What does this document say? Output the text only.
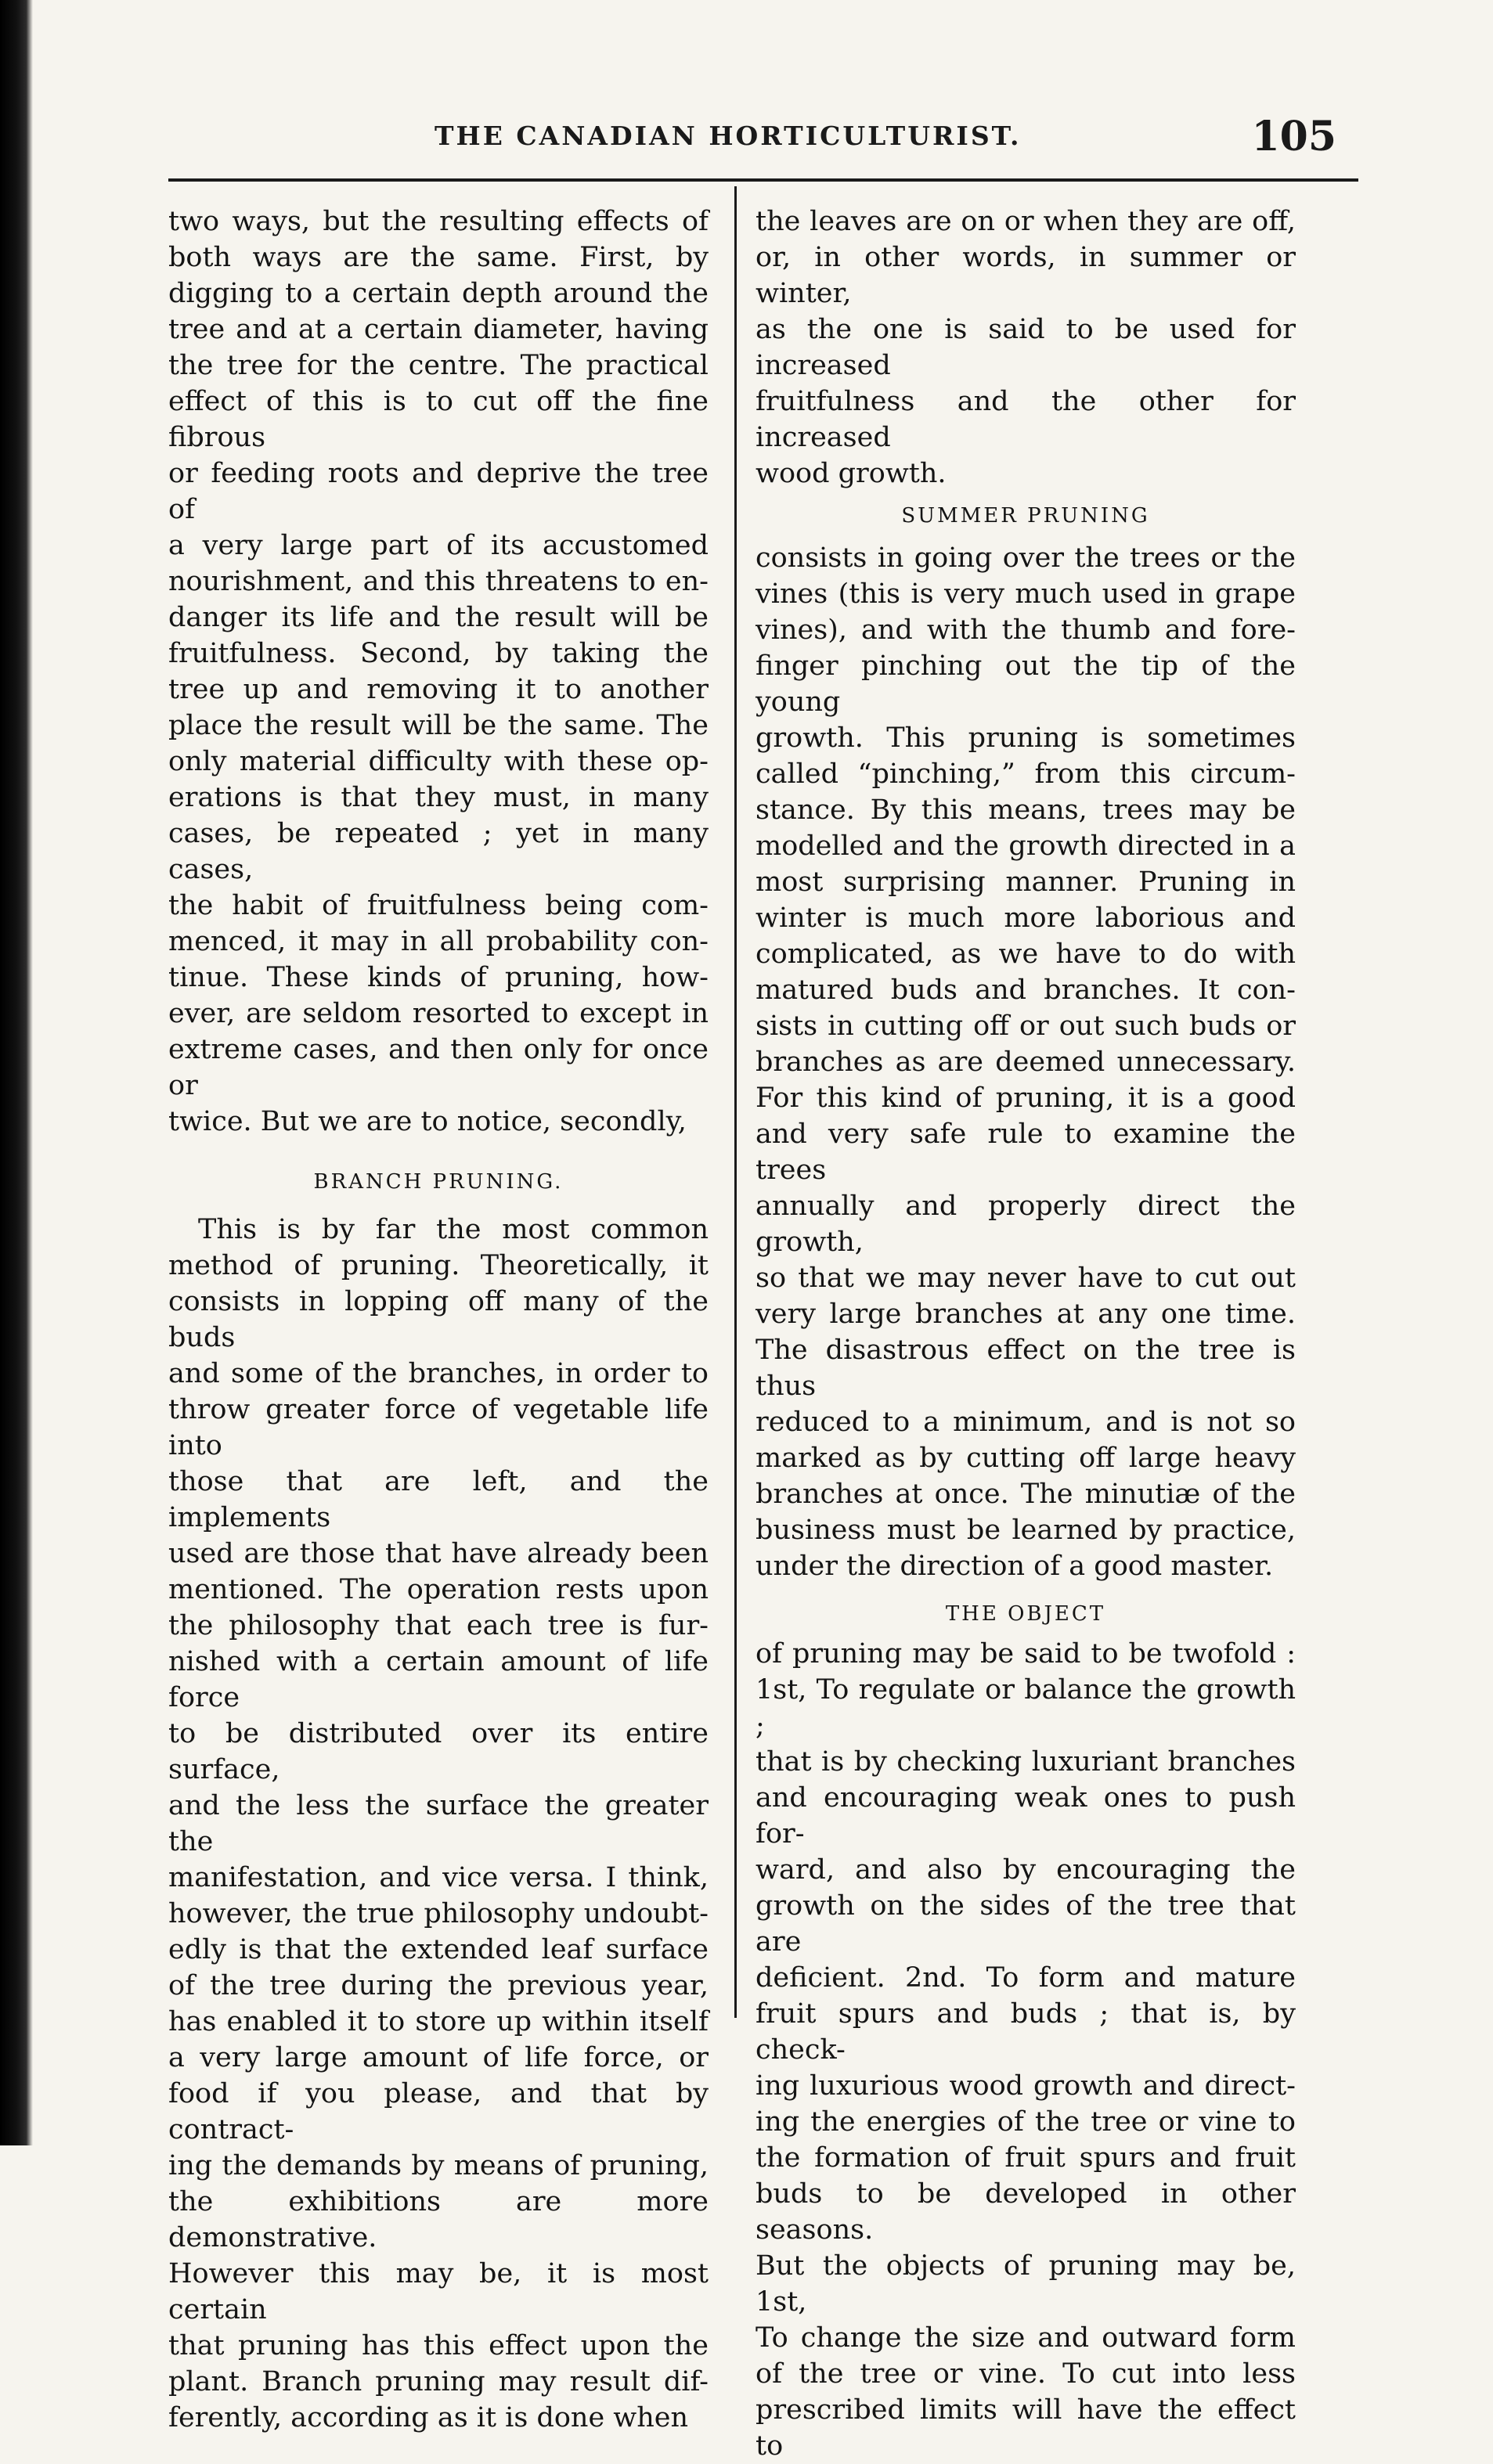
THE CANADIAN HORTICULTURIST.	105

two ways, but the resulting effects of

both ways are the same. First, by

digging to a certain depth around the

tree and at a certain diameter, having

the tree for the centre. The practical

effect of this is to cut off the fine fibrous

or feeding roots and deprive the tree of

a very large part of its accustomed

nourishment, and this threatens to en-

danger its life and the result will be

fruitfulness. Second, by taking the

tree up and removing it to another

place the result will be the same. The

only material difficulty with these op-

erations is that they must, in many

cases, be repeated ; yet in many cases,

the habit of fruitfulness being com-

menced, it may in all probability con-

tinue. These kinds of pruning, how-

ever, are seldom resorted to except in

extreme cases, and then only for once or

twice. But we are to notice, secondly,

BRANCH PRUNING.

This is by far the most common

method of pruning. Theoretically, it

consists in lopping off many of the buds

and some of the branches, in order to

throw greater force of vegetable life into

those that are left, and the implements

used are those that have already been

mentioned. The operation rests upon

the philosophy that each tree is fur-

nished with a certain amount of life force

to be distributed over its entire surface,

and the less the surface the greater the

manifestation, and vice versa. I think,

however, the true philosophy undoubt-

edly is that the extended leaf surface

of the tree during the previous year,

has enabled it to store up within itself

a very large amount of life force, or

food if you please, and that by contract-

ing the demands by means of pruning,

the exhibitions are more demonstrative.

However this may be, it is most certain

that pruning has this effect upon the

plant. Branch pruning may result dif-

ferently, according as it is done when

the leaves are on or when they are off,

or, in other words, in summer or winter,

as the one is said to be used for increased

fruitfulness and the other for increased

wood growth.

SUMMER PRUNING

consists in going over the trees or the

vines (this is very much used in grape

vines), and with the thumb and fore-

finger pinching out the tip of the young

growth. This pruning is sometimes

called “pinching,” from this circum-

stance. By this means, trees may be

modelled and the growth directed in a

most surprising manner. Pruning in

winter is much more laborious and

complicated, as we have to do with

matured buds and branches. It con-

sists in cutting off or out such buds or

branches as are deemed unnecessary.

For this kind of pruning, it is a good

and very safe rule to examine the trees

annually and properly direct the growth,

so that we may never have to cut out

very large branches at any one time.

The disastrous effect on the tree is thus

reduced to a minimum, and is not so

marked as by cutting off large heavy

branches at once. The minutiæ of the

business must be learned by practice,

under the direction of a good master.

THE OBJECT

of pruning may be said to be twofold :

1st, To regulate or balance the growth ;

that is by checking luxuriant branches

and encouraging weak ones to push for-

ward, and also by encouraging the

growth on the sides of the tree that are

deficient. 2nd. To form and mature

fruit spurs and buds ; that is, by check-

ing luxurious wood growth and direct-

ing the energies of the tree or vine to

the formation of fruit spurs and fruit

buds to be developed in other seasons.

But the objects of pruning may be, 1st,

To change the size and outward form

of the tree or vine. To cut into less

prescribed limits will have the effect to
